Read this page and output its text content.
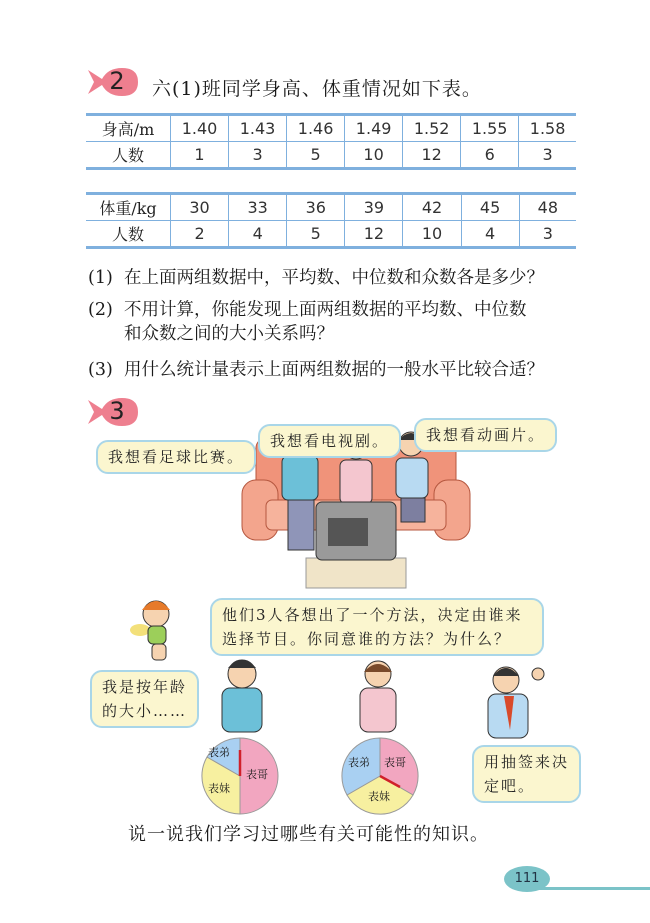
2 六(1)班同学身高、体重情况如下表。
身高/m	1.40	1.43	1.46	1.49	1.52	1.55	1.58
人数	1	3	5	10	12	6	3
体重/kg	30	33	36	39	42	45	48
人数	2	4	5	12	10	4	3
(1) 在上面两组数据中，平均数、中位数和众数各是多少？
(2) 不用计算，你能发现上面两组数据的平均数、中位数
和众数之间的大小关系吗？
(3) 用什么统计量表示上面两组数据的一般水平比较合适？
3
我想看电视剧。
我想看足球比赛。
我想看动画片。
他们3人各想出了一个方法，决定由谁来
选择节目。你同意谁的方法？为什么？
我是按年龄
的大小……
表弟
表妹
表哥
表弟 表哥
表妹
用抽签来决
定吧。
说一说我们学习过哪些有关可能性的知识。
111
